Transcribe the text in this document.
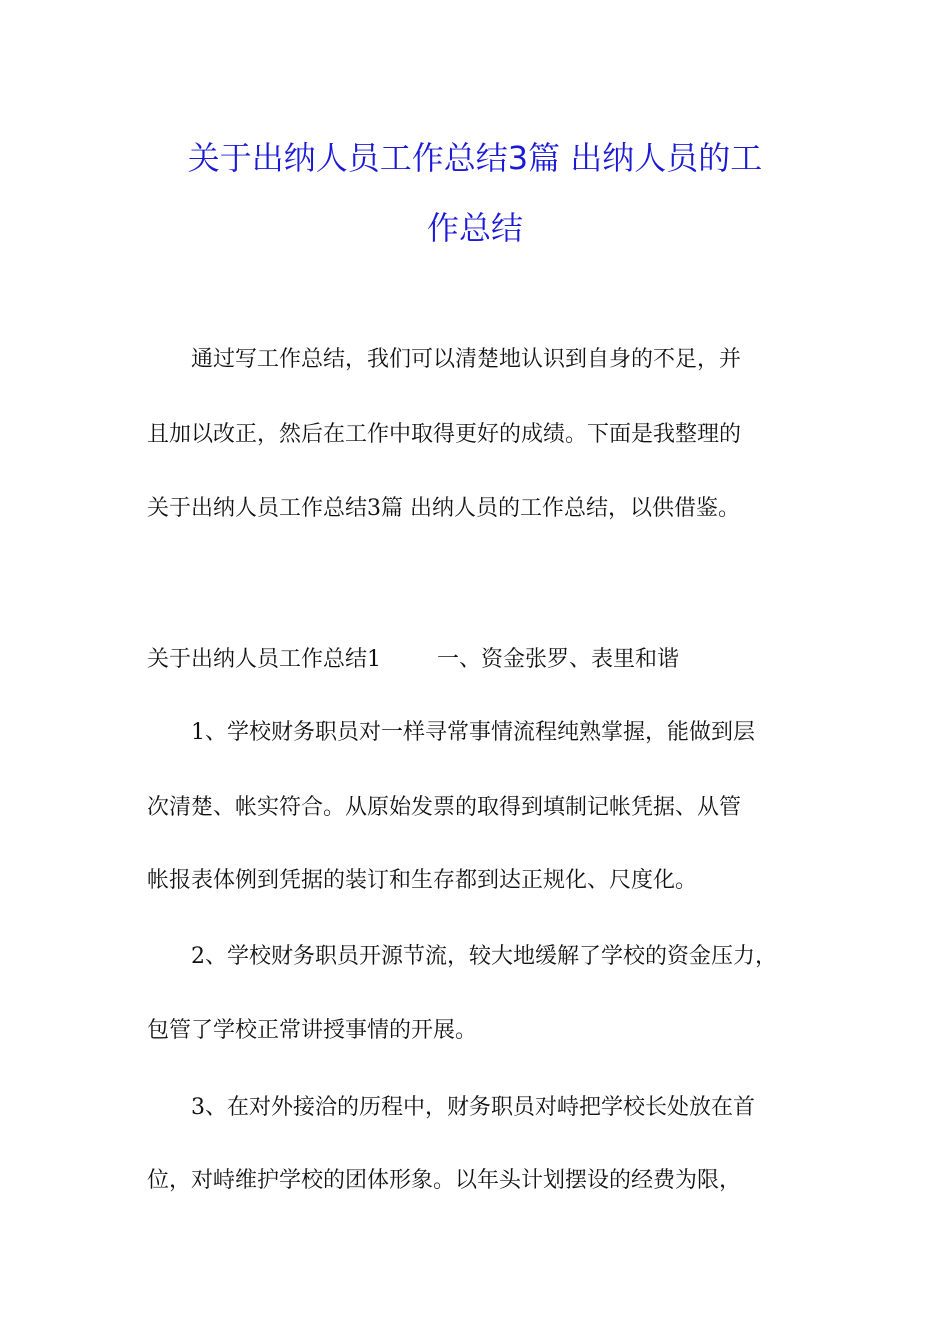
关于出纳人员工作总结3篇 出纳人员的工
作总结

通过写工作总结，我们可以清楚地认识到自身的不足，并

且加以改正，然后在工作中取得更好的成绩。下面是我整理的

关于出纳人员工作总结3篇 出纳人员的工作总结，以供借鉴。

关于出纳人员工作总结1	一、资金张罗、表里和谐

1、学校财务职员对一样寻常事情流程纯熟掌握，能做到层

次清楚、帐实符合。从原始发票的取得到填制记帐凭据、从管

帐报表体例到凭据的装订和生存都到达正规化、尺度化。

2、学校财务职员开源节流，较大地缓解了学校的资金压力，

包管了学校正常讲授事情的开展。

3、在对外接洽的历程中，财务职员对峙把学校长处放在首

位，对峙维护学校的团体形象。以年头计划摆设的经费为限，
